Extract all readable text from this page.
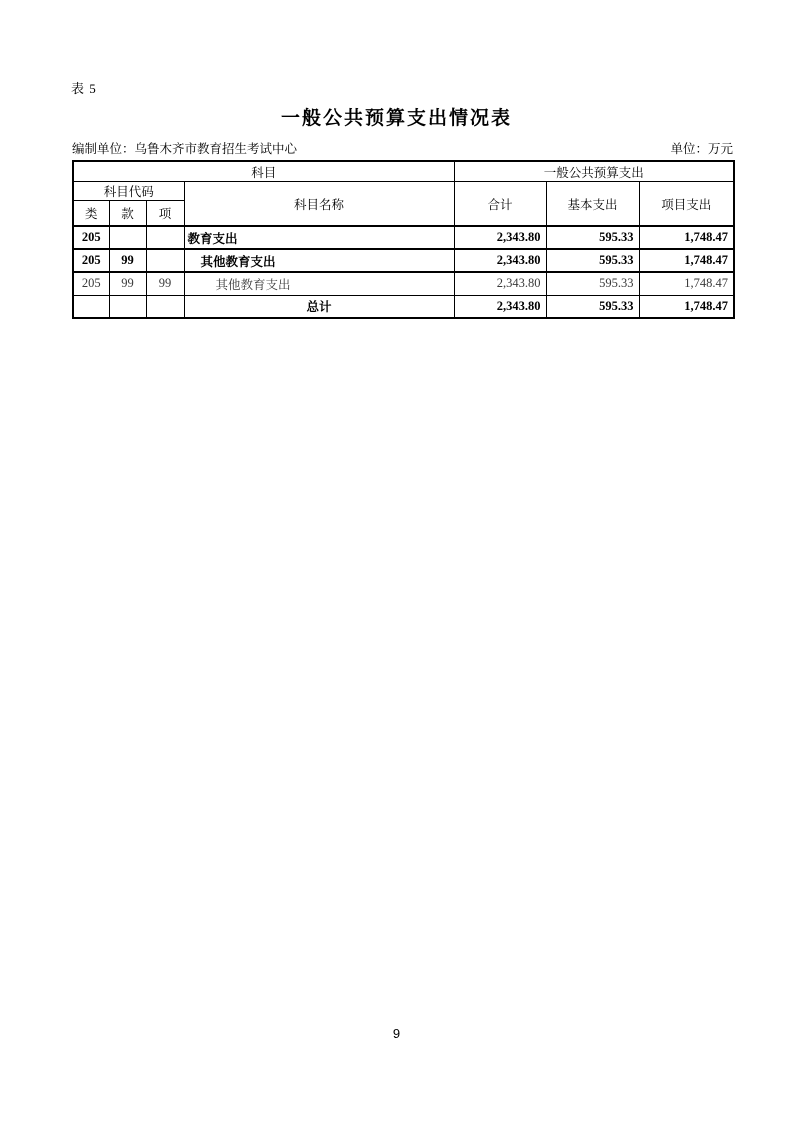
表 5
一般公共预算支出情况表
编制单位：乌鲁木齐市教育招生考试中心	单位：万元
科目				一般公共预算支出		
科目代码			科目名称	合计	基本支出	项目支出
类	款	项				
205			教育支出	2,343.80	595.33	1,748.47
205	99		其他教育支出	2,343.80	595.33	1,748.47
205	99	99	其他教育支出	2,343.80	595.33	1,748.47
			总计	2,343.80	595.33	1,748.47
9
